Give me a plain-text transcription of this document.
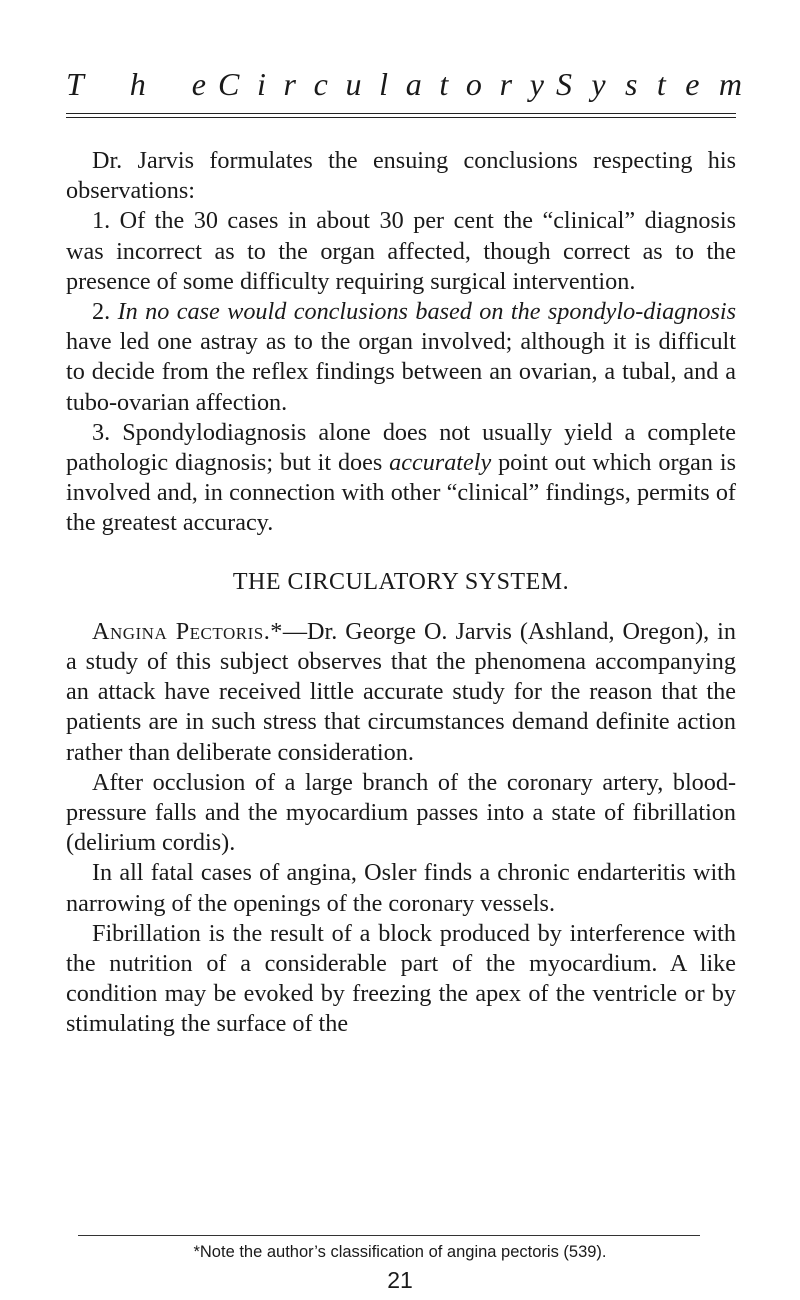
T h e C i r c u l a t o r y S y s t e m

Dr. Jarvis formulates the ensuing conclusions respecting his observations:

1. Of the 30 cases in about 30 per cent the “clinical” diagnosis was incorrect as to the organ affected, though correct as to the presence of some difficulty requiring surgical intervention.

2. In no case would conclusions based on the spondylo-diagnosis have led one astray as to the organ involved; although it is difficult to decide from the reflex findings between an ovarian, a tubal, and a tubo-ovarian affection.

3. Spondylodiagnosis alone does not usually yield a complete pathologic diagnosis; but it does accurately point out which organ is involved and, in connection with other “clinical” findings, permits of the greatest accuracy.

THE CIRCULATORY SYSTEM.

Angina Pectoris.*—Dr. George O. Jarvis (Ashland, Oregon), in a study of this subject observes that the phenomena accompanying an attack have received little accurate study for the reason that the patients are in such stress that circumstances demand definite action rather than deliberate consideration.

After occlusion of a large branch of the coronary artery, blood-pressure falls and the myocardium passes into a state of fibrillation (delirium cordis).

In all fatal cases of angina, Osler finds a chronic endarteritis with narrowing of the openings of the coronary vessels.

Fibrillation is the result of a block produced by interference with the nutrition of a considerable part of the myocardium. A like condition may be evoked by freezing the apex of the ventricle or by stimulating the surface of the

*Note the author’s classification of angina pectoris (539).
21
